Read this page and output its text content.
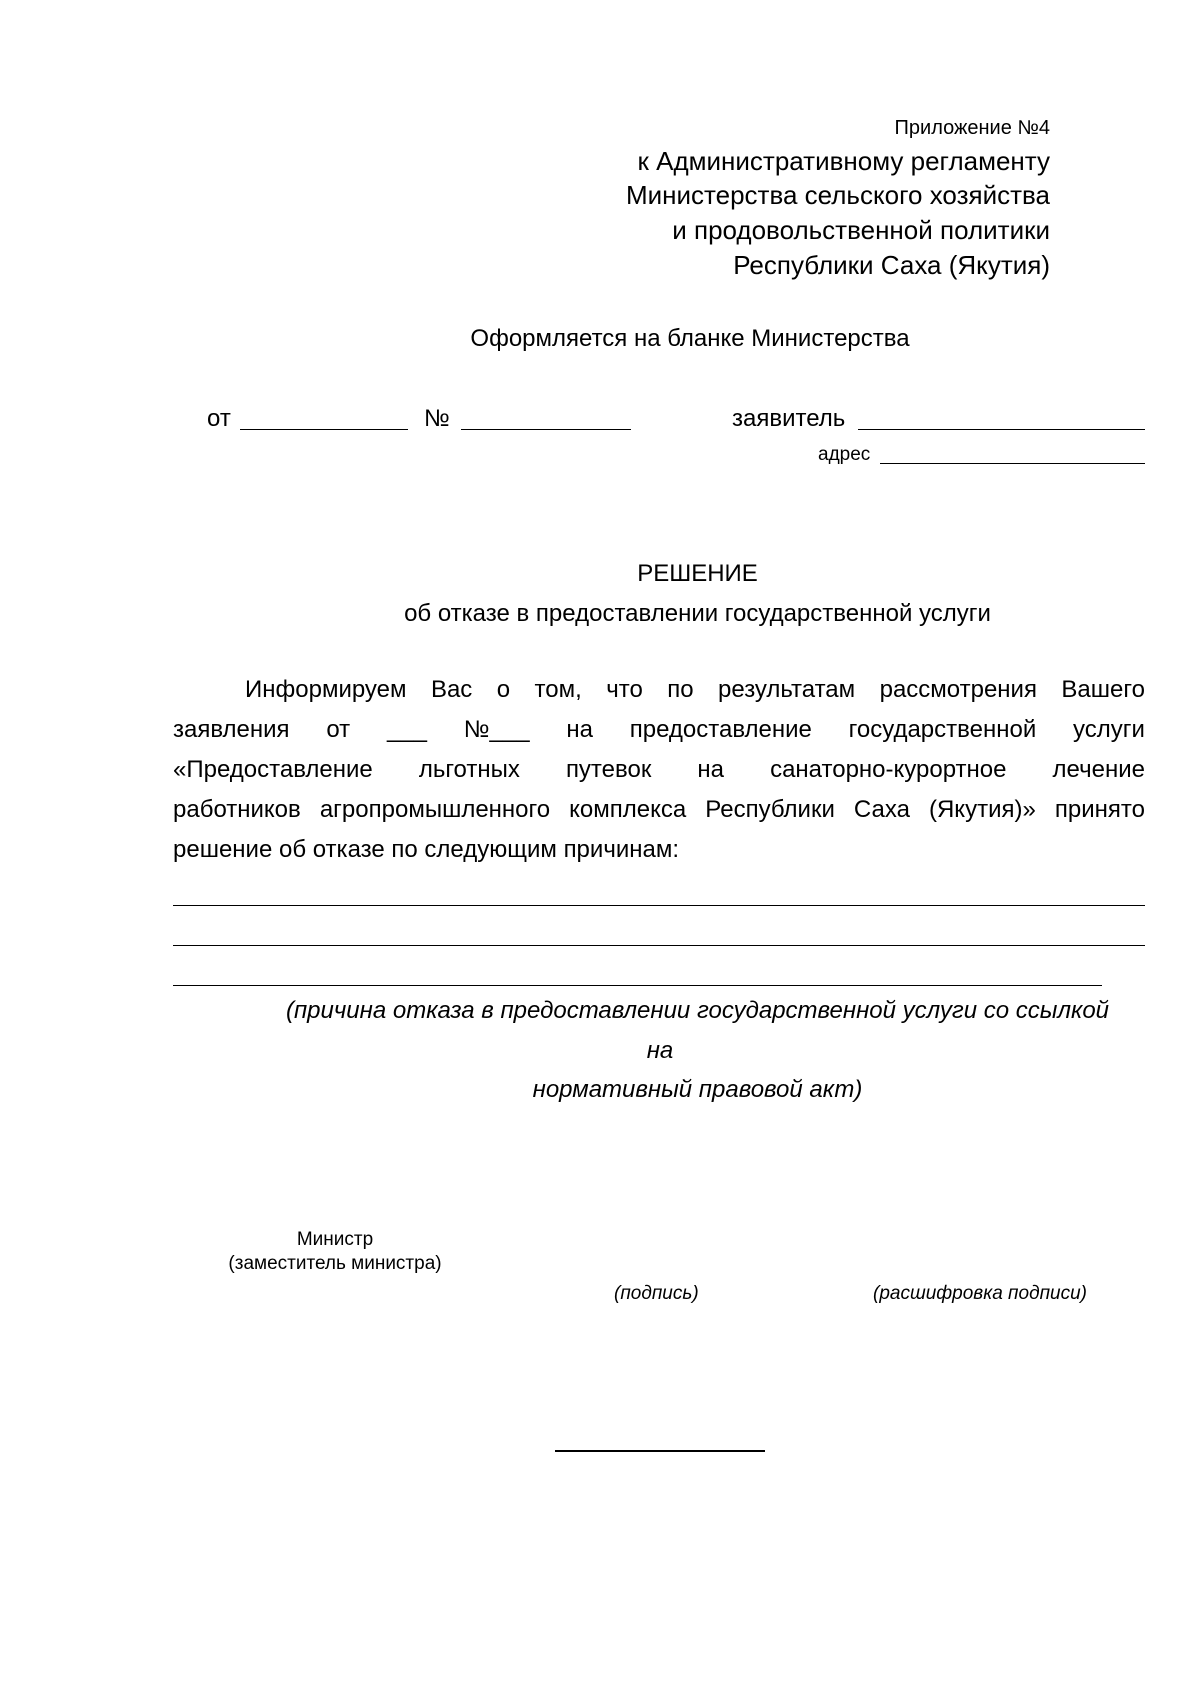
Приложение №4
к Административному регламенту
Министерства сельского хозяйства
и продовольственной политики
Республики Саха (Якутия)
Оформляется на бланке Министерства
от	№	заявитель
адрес
РЕШЕНИЕ
об отказе в предоставлении государственной услуги
Информируем Вас о том, что по результатам рассмотрения Вашего
заявления от ___ №___ на предоставление государственной услуги
«Предоставление льготных путевок на санаторно-курортное лечение
работников агропромышленного комплекса Республики Саха (Якутия)» принято
решение об отказе по следующим причинам:
(причина отказа в предоставлении государственной услуги со ссылкой
на
нормативный правовой акт)
Министр
(заместитель министра)
(подпись)	(расшифровка подписи)
